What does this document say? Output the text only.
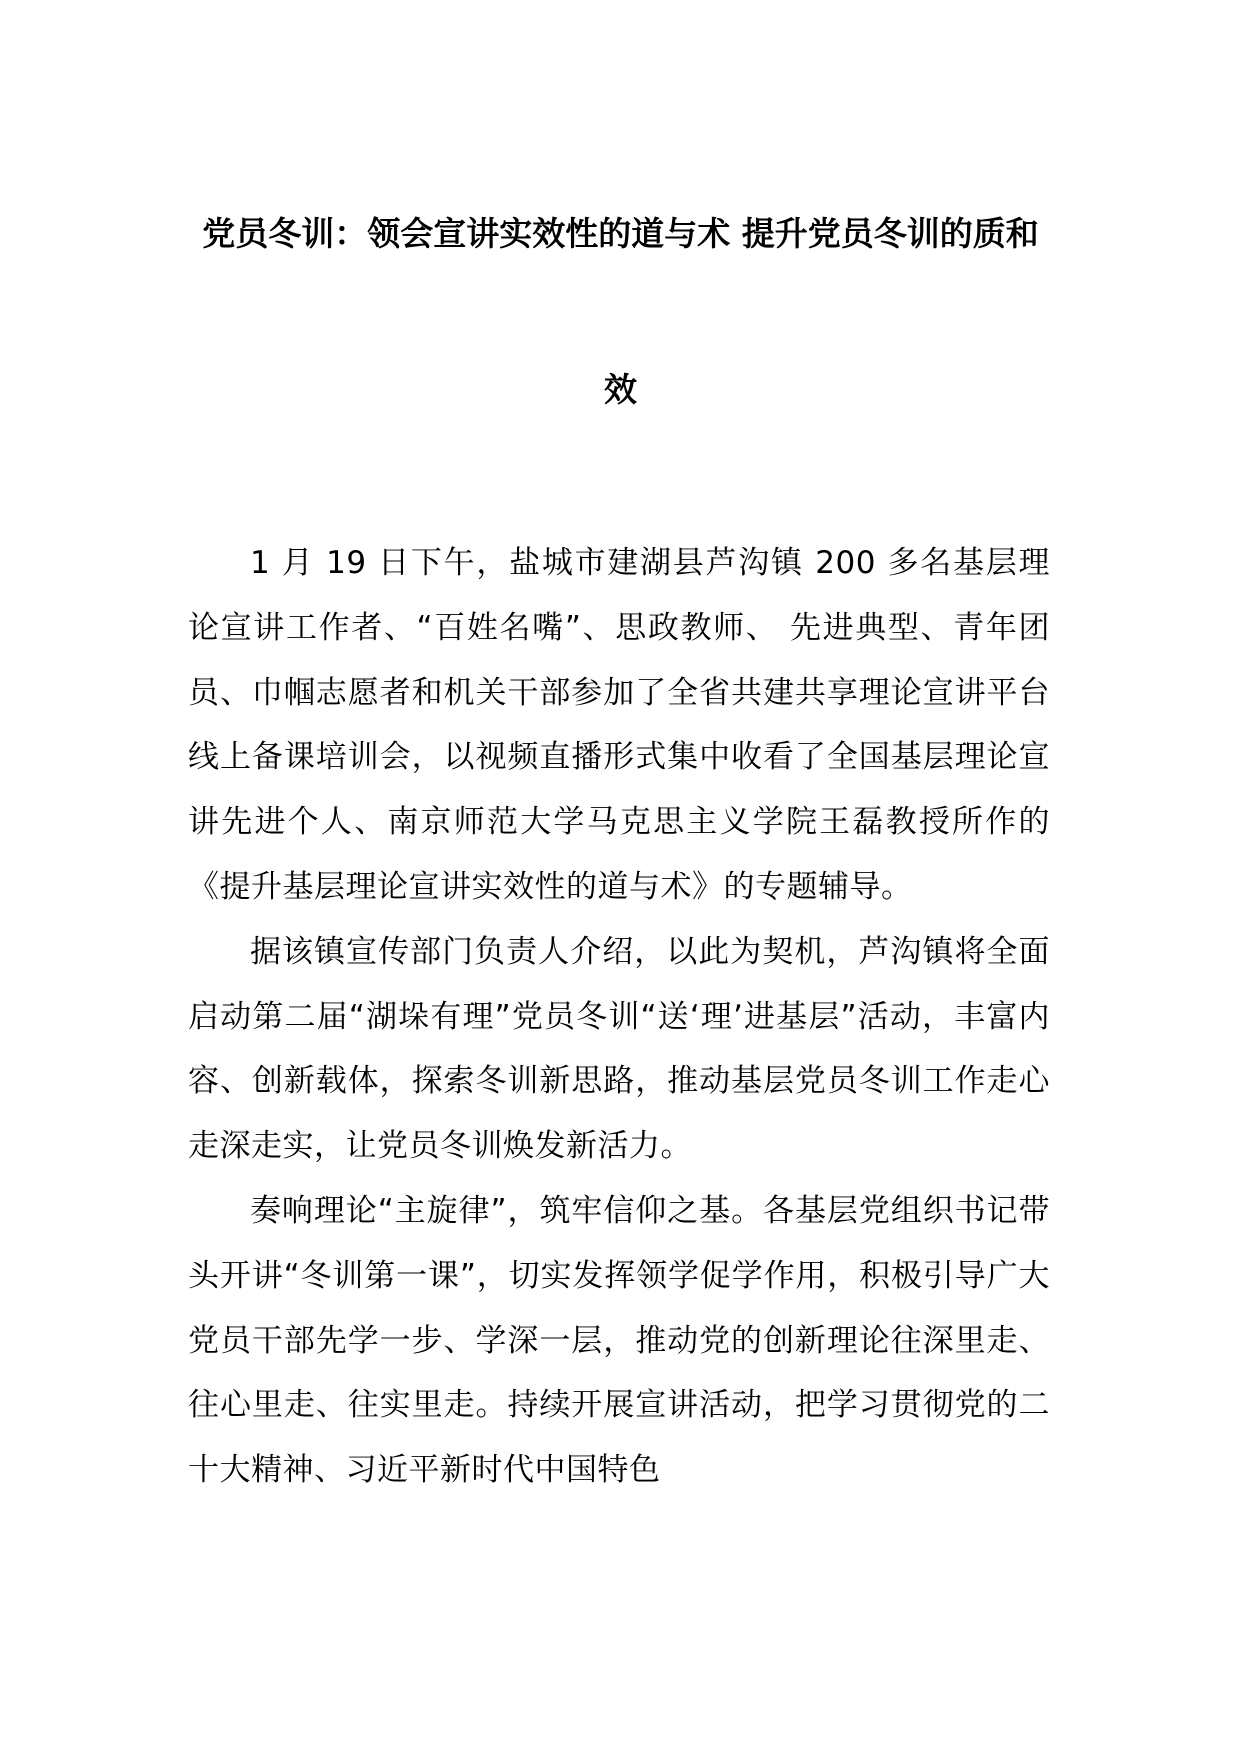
党员冬训：领会宣讲实效性的道与术 提升党员冬训的质和
效

1 月 19 日下午，盐城市建湖县芦沟镇 200 多名基层理论宣讲工作者、“百姓名嘴”、思政教师、 先进典型、青年团员、巾帼志愿者和机关干部参加了全省共建共享理论宣讲平台线上备课培训会，以视频直播形式集中收看了全国基层理论宣讲先进个人、南京师范大学马克思主义学院王磊教授所作的《提升基层理论宣讲实效性的道与术》的专题辅导。

据该镇宣传部门负责人介绍，以此为契机，芦沟镇将全面启动第二届“湖垛有理”党员冬训“送‘理’进基层”活动，丰富内容、创新载体，探索冬训新思路，推动基层党员冬训工作走心走深走实，让党员冬训焕发新活力。

奏响理论“主旋律”，筑牢信仰之基。各基层党组织书记带头开讲“冬训第一课”，切实发挥领学促学作用，积极引导广大党员干部先学一步、学深一层，推动党的创新理论往深里走、往心里走、往实里走。持续开展宣讲活动，把学习贯彻党的二十大精神、习近平新时代中国特色
